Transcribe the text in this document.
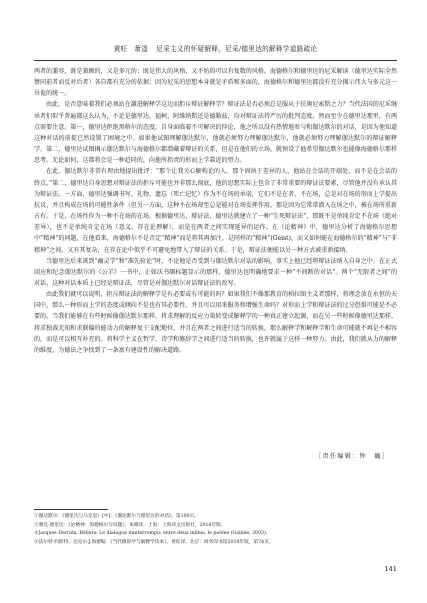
黄旺　萧遥 尼采主义的怀疑解释，尼采/德里达的解释学道路疏论

两者的兼容，既是兼顾的，又是多元的；既是伟大的风格，又不妨碍可以有复数的风格。海德格尔和德里达的尼采解读（德里达实际全然赞同前者而反对后者）各自都有充分的依据；因为尼采的思想本身就是矛盾和多面的，海德格尔和德里达都没有充分揭示伟大与多元这一吊诡的统一。

由此，是否意味着我们必须站在激进解释学这边而拒斥辩证解释学？辩证法是否必须总是服从于扶奥尼索斯之力？当代法国的尼采继承者们似乎普遍都这么认为，不论是德里达、福柯、阿维纳斯还是德勒兹，均对辩证法持严厉的批判态度。然而至少在德里达那里，有两点需要注意。第一，德里达拒绝黑格尔的态度，自身面临着不可解决的悖论，他之所以没有热情地参与和伽达默尔的对话，是因为他知道这种对话的前提已然设置了困境之中。如果他试图理解伽达默尔，他就必须努力理解伽达默尔，他就必须努力理解伽达默尔的辩证解释学。第二，德里达试图揭示伽达默尔与海德格尔都潜藏着辩证的关系，但是在他们的立场，就预设了他希望伽达默尔也能像海德格尔那样思考。无论如何，这都将会是一种趋同的，向他所指责的形而上学靠近的努力。

在此，伽达默尔非常有理由地提出批评：“那个让我关心解构论的人，那个固执于差异的人，他站在会话的开端处，而不是在会话的终点。”第二，德里达自身思想对辩证法的拒斥可能也并非那么彻底，他的思想实际上包含了非常重要的辩证法要素，尽管他并没有承认其为辩证法。一方面，德里达强调书写、礼物、遗忘（死亡记忆）作为不在场的承诺，它们不是在者，不在场，总是对在场的形而上学提出抗议，并且构成在场的可能性条件（但另一方面，这种不在场却至总是能对在场发挥作用，那是因为它常常潜入在场之中，被在场所重新占有。于是，在场性作为一种不在场的在场。根据德里达，辩证法，德里达就建立了一种“生死辩证法”，即既不是单纯肯定不在场（绝对差异），也不是单纯肯定在场（意义、存在论理解），而是在两者之间实现延异的运作。在《论精神》中，德里达分析了海德格尔思想中“精神”的问题，在他看来，海德格尔不是否定“精神”而是将其再加注，是同样的“精神”(Geist)，而又如何能在海德格尔的“精神”与“非精神”之间，又有其复杂，在存在论中似乎不可避免地带入了辩证的关系。于是，辩证法便能以另一种方式被重新接纳。

当德里达后来谈到“幽灵学”和“准先验论”时，不论他是否受到与伽达默尔对话的影响，事实上他已经将辩证法纳入自身之中。在正式回应和纪念伽达默尔的《公羊》一书中，正如沃书副标题显示的那样，德里达也明确地要求一种“不间断的对话”。两个“无限者之间”的对话，这种对话本质上已经是辩证法，尽管是对伽达默尔对话辩证法的改写。

由此我们就可以说明，拒斥辩证法的解释学是有必要或有可能的吗？如果我们不像那教育的柏拉图主义者那样，将理念放在永恒的天国中，那么一种形而上学的态度或倾向不是也有其必要性，并且可以用来服务和增强生命吗？对形而上学和辩证法的过分恐惧可能是不必要的。当我们能够在有些时候像伽达默尔那样，将求理解的反应力量转变成解释学的一种真正建立起源，而在另一些时候像德里达那样，将求独裁无知和求联偏的能动力的解释复于支配地位，并且在两者之间进行适当的转换，那么解释学和解释学和生命可能就不再是不相容的，而是可以相互补充的。将科学主义在哲学、诗学和修辞学之间进行适当的转换，也许就属于这样一种努力。由此，我们就从力的解释的维度，为德法之争找到了一条富有建设性的解决道路。

［责任编辑：钟　巍］
①伽达默尔：《德里达与马克思》[中]：《伽达默尔与德里达的对话》，第100页。
②雅克·德里达：《论精神：海德格尔与问题》，朱刚译，上海：上海译文出版社，2018年版。
③Jacques Derrida, Béliers: Le dialogue ininterrompu: entre deux infinis, le poème (Galilée, 2003).
④沃尔特·约斯特、迈克尔·J.海德编：《当代修辞学与解释学读本》，黄旺译，北京：商务印书馆2018年版，第74页。
141
